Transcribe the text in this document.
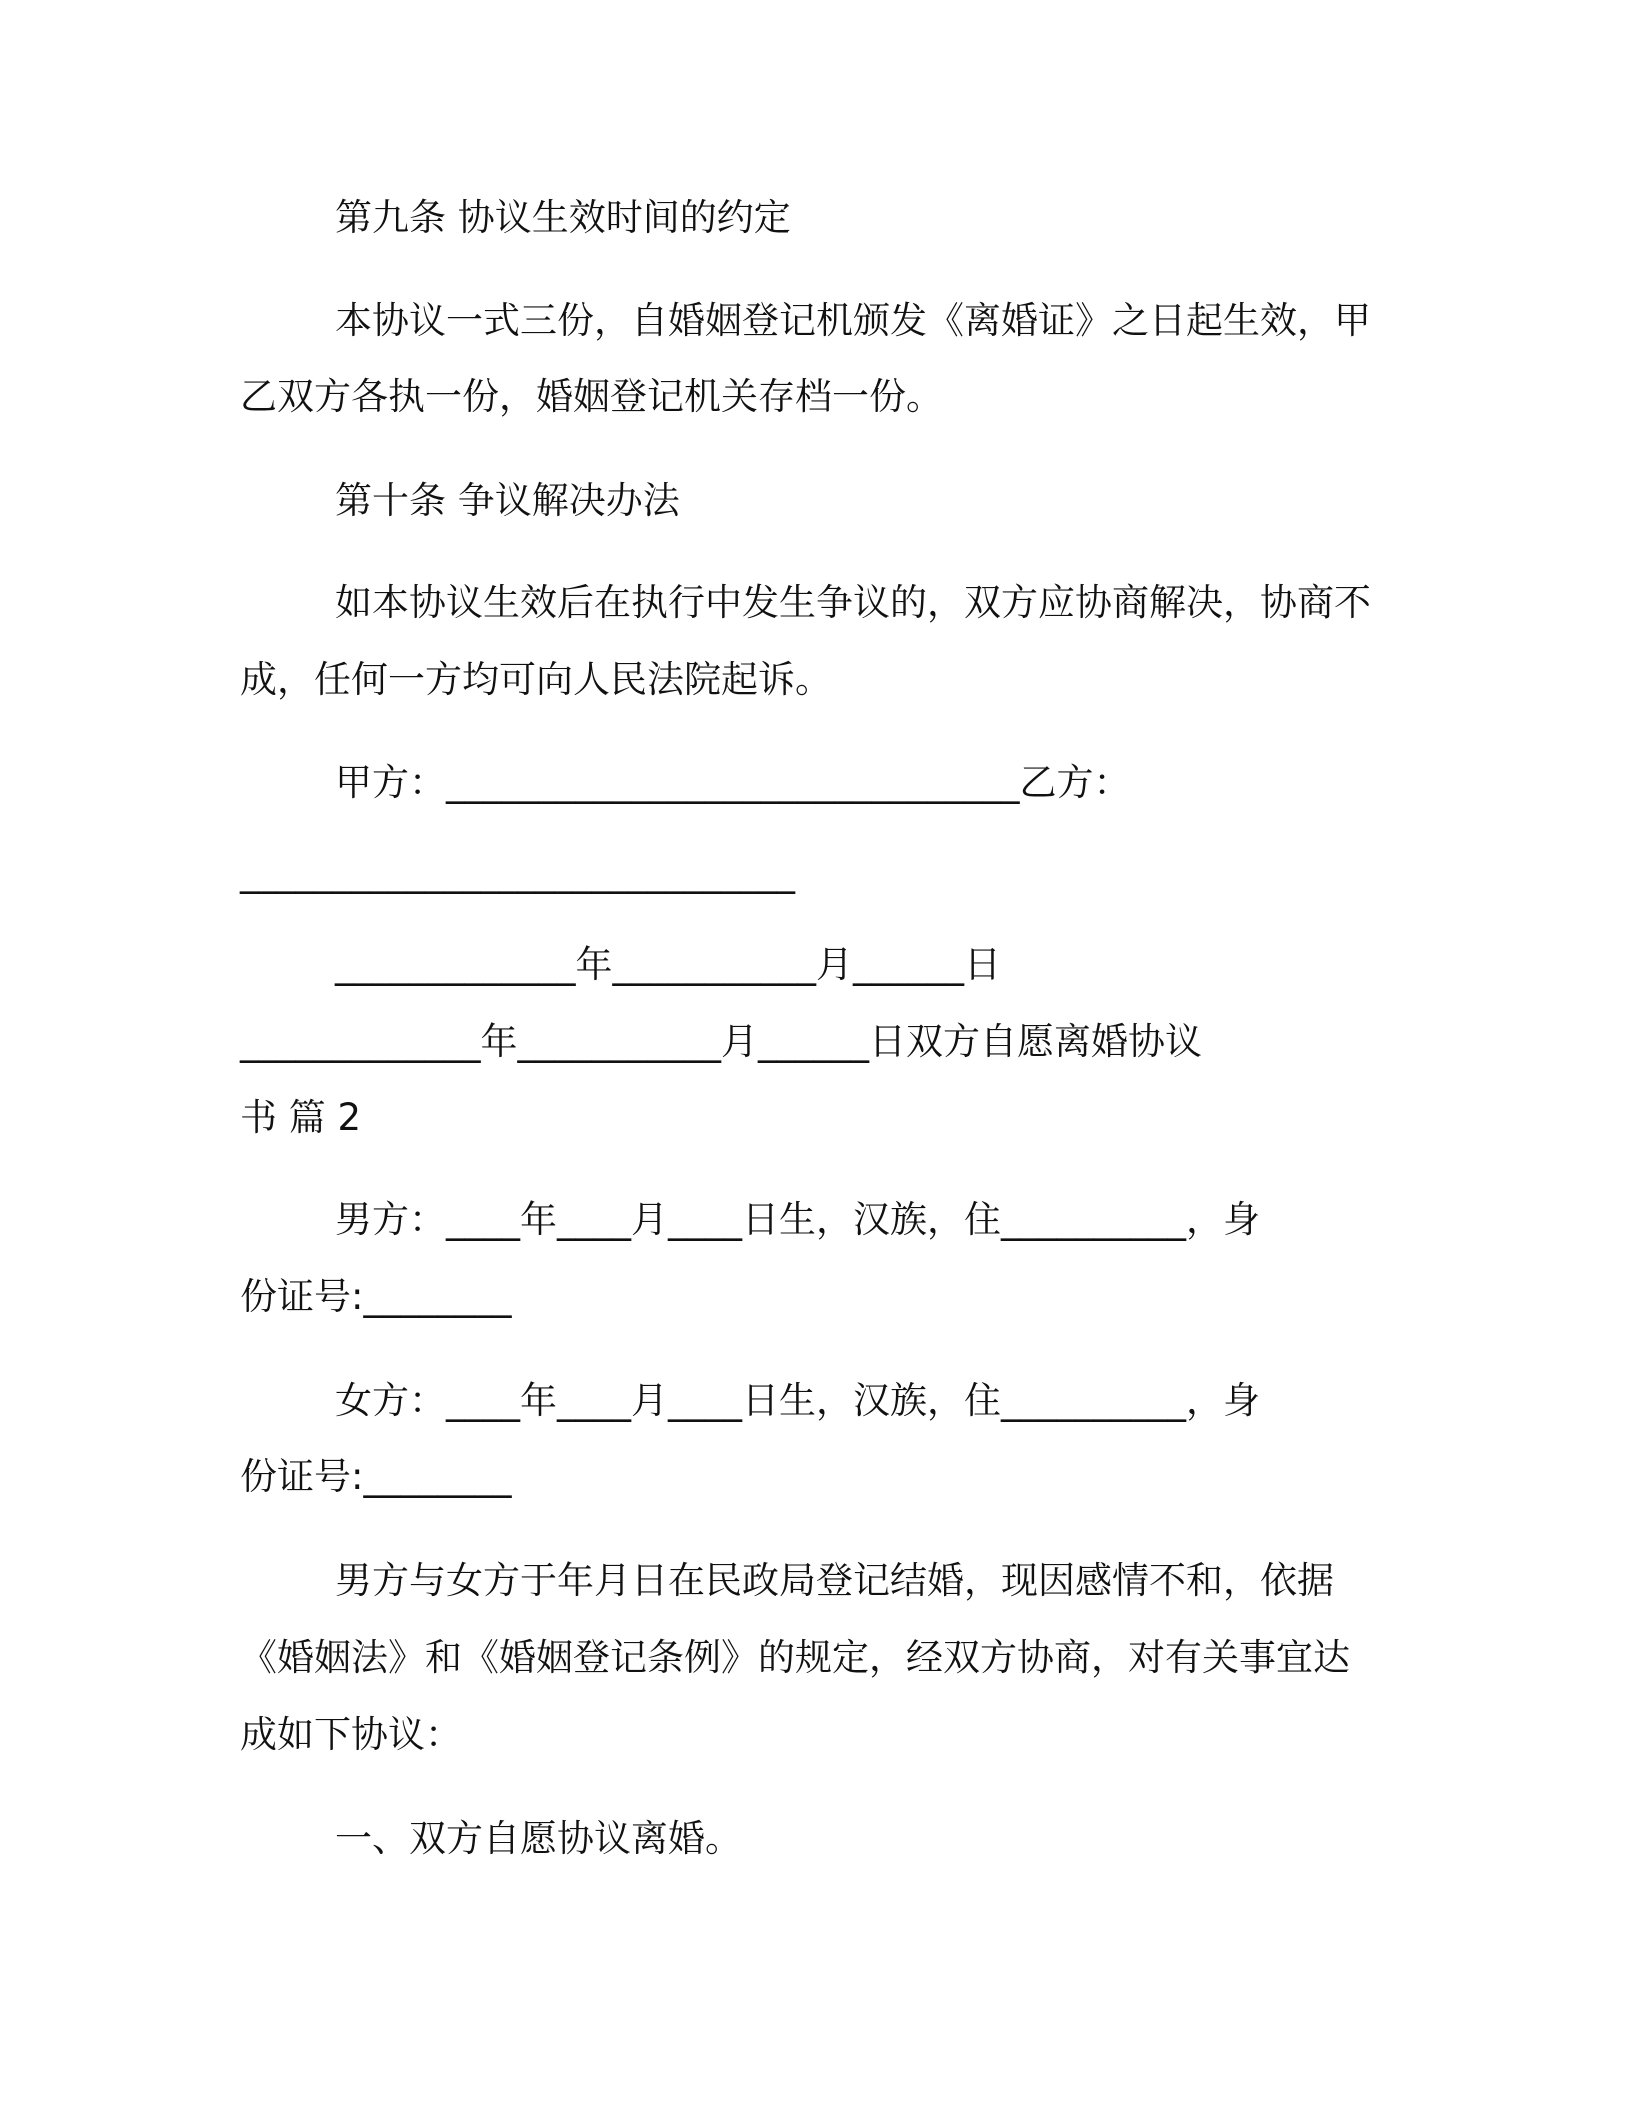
第九条 协议生效时间的约定

本协议一式三份，自婚姻登记机颁发《离婚证》之日起生效，甲

乙双方各执一份，婚姻登记机关存档一份。

第十条 争议解决办法

如本协议生效后在执行中发生争议的，双方应协商解决，协商不

成，任何一方均可向人民法院起诉。

甲方：_______________________________乙方：

______________________________

_____________年___________月______日

_____________年___________月______日双方自愿离婚协议

书 篇 2

男方：____年____月____日生，汉族，住__________，身

份证号:________

女方：____年____月____日生，汉族，住__________，身

份证号:________

男方与女方于年月日在民政局登记结婚，现因感情不和，依据

《婚姻法》和《婚姻登记条例》的规定，经双方协商，对有关事宜达

成如下协议：

一、双方自愿协议离婚。
